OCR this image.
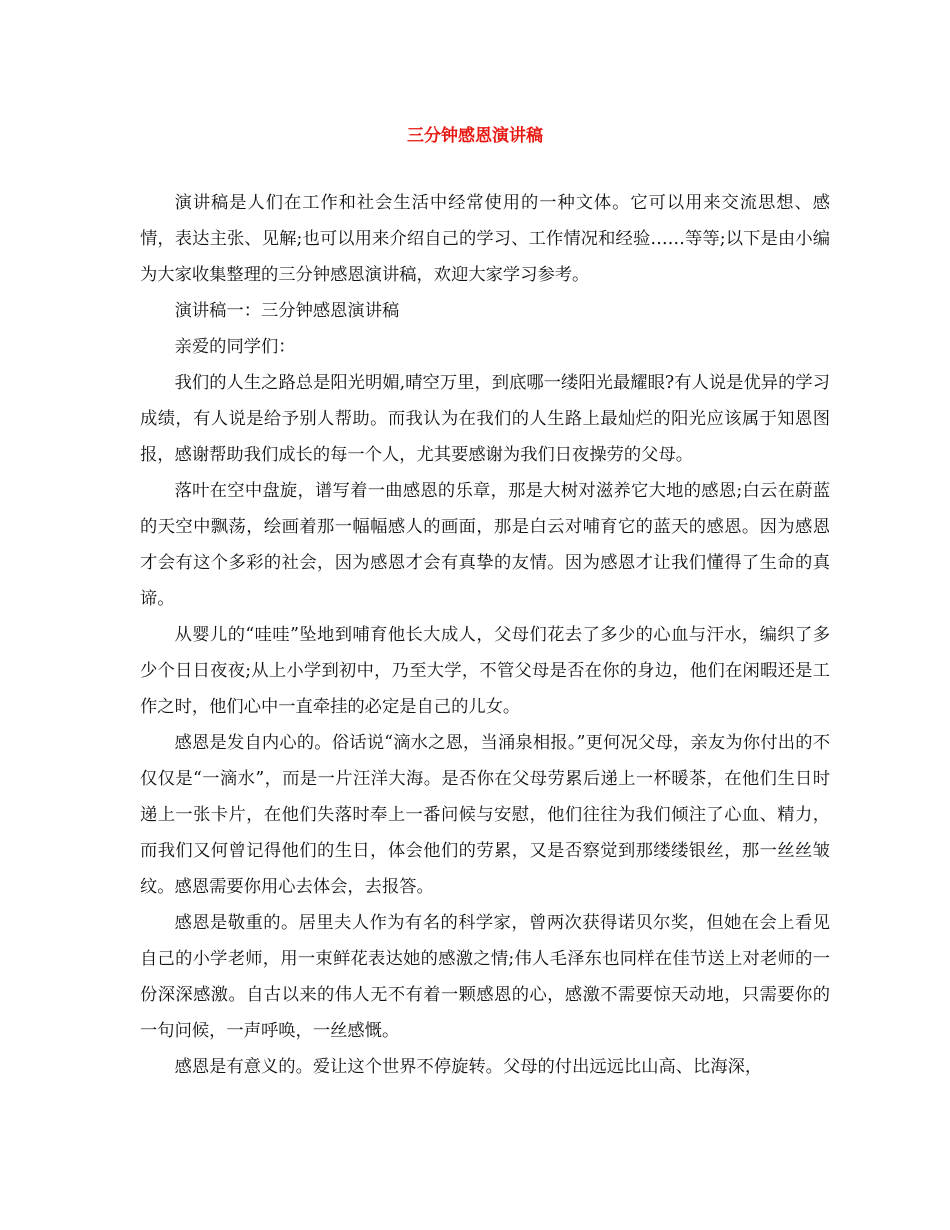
三分钟感恩演讲稿

演讲稿是人们在工作和社会生活中经常使用的一种文体。它可以用来交流思想、感情，表达主张、见解;也可以用来介绍自己的学习、工作情况和经验……等等;以下是由小编为大家收集整理的三分钟感恩演讲稿，欢迎大家学习参考。

演讲稿一：三分钟感恩演讲稿

亲爱的同学们：

我们的人生之路总是阳光明媚,晴空万里，到底哪一缕阳光最耀眼?有人说是优异的学习成绩，有人说是给予别人帮助。而我认为在我们的人生路上最灿烂的阳光应该属于知恩图报，感谢帮助我们成长的每一个人，尤其要感谢为我们日夜操劳的父母。

落叶在空中盘旋，谱写着一曲感恩的乐章，那是大树对滋养它大地的感恩;白云在蔚蓝的天空中飘荡，绘画着那一幅幅感人的画面，那是白云对哺育它的蓝天的感恩。因为感恩才会有这个多彩的社会，因为感恩才会有真挚的友情。因为感恩才让我们懂得了生命的真谛。

从婴儿的“哇哇”坠地到哺育他长大成人，父母们花去了多少的心血与汗水，编织了多少个日日夜夜;从上小学到初中，乃至大学，不管父母是否在你的身边，他们在闲暇还是工作之时，他们心中一直牵挂的必定是自己的儿女。

感恩是发自内心的。俗话说“滴水之恩，当涌泉相报。”更何况父母，亲友为你付出的不仅仅是“一滴水”，而是一片汪洋大海。是否你在父母劳累后递上一杯暖茶，在他们生日时递上一张卡片，在他们失落时奉上一番问候与安慰，他们往往为我们倾注了心血、精力，而我们又何曾记得他们的生日，体会他们的劳累，又是否察觉到那缕缕银丝，那一丝丝皱纹。感恩需要你用心去体会，去报答。

感恩是敬重的。居里夫人作为有名的科学家，曾两次获得诺贝尔奖，但她在会上看见自己的小学老师，用一束鲜花表达她的感激之情;伟人毛泽东也同样在佳节送上对老师的一份深深感激。自古以来的伟人无不有着一颗感恩的心，感激不需要惊天动地，只需要你的一句问候，一声呼唤，一丝感慨。

感恩是有意义的。爱让这个世界不停旋转。父母的付出远远比山高、比海深，
